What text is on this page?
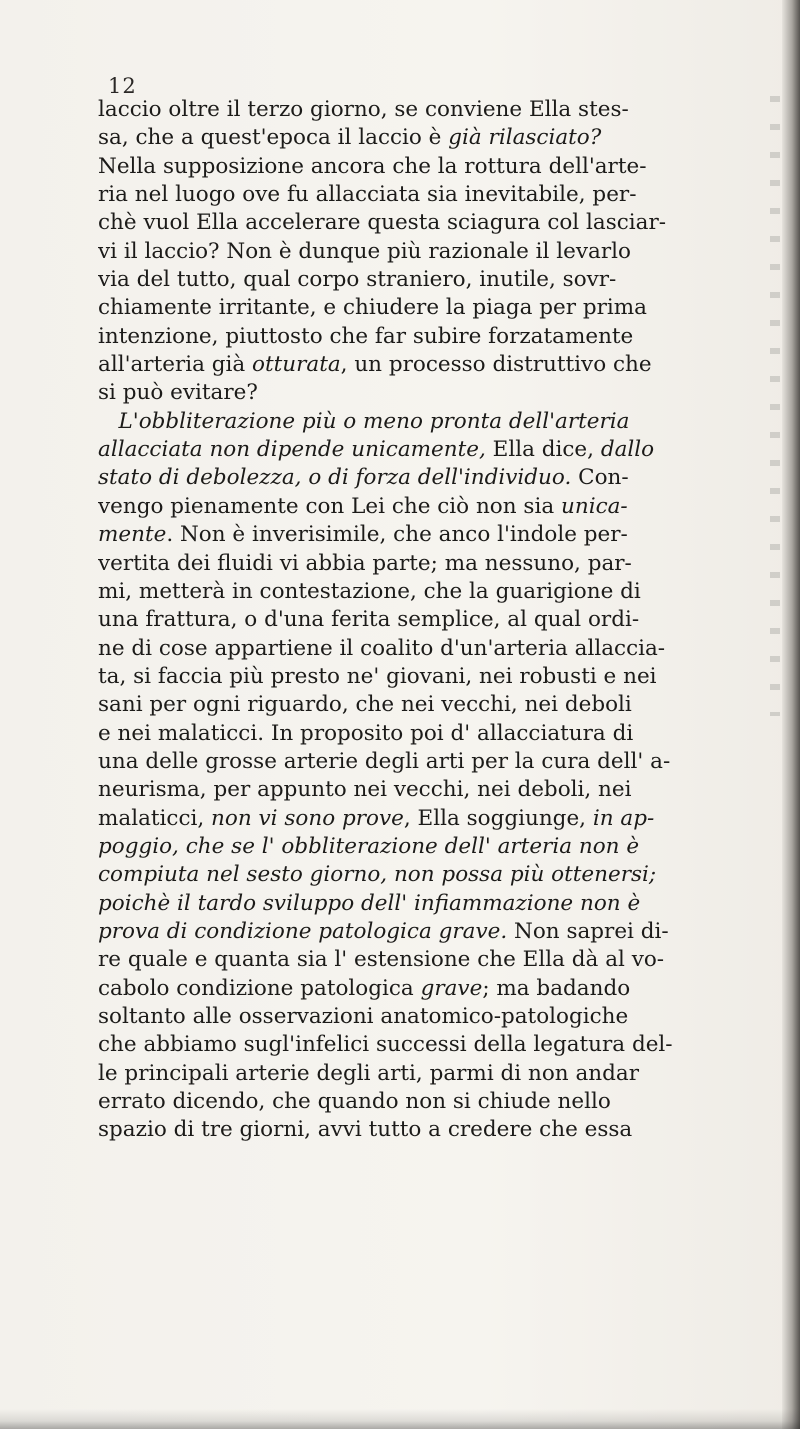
12
laccio oltre il terzo giorno, se conviene Ella stes-
sa, che a quest'epoca il laccio è già rilasciato?
Nella supposizione ancora che la rottura dell'arte-
ria nel luogo ove fu allacciata sia inevitabile, per-
chè vuol Ella accelerare questa sciagura col lasciar-
vi il laccio? Non è dunque più razionale il levarlo
via del tutto, qual corpo straniero, inutile, sovr-
chiamente irritante, e chiudere la piaga per prima
intenzione, piuttosto che far subire forzatamente
all'arteria già otturata, un processo distruttivo che
si può evitare?
L'obbliterazione più o meno pronta dell'arteria
allacciata non dipende unicamente, Ella dice, dallo
stato di debolezza, o di forza dell'individuo. Con-
vengo pienamente con Lei che ciò non sia unica-
mente. Non è inverisimile, che anco l'indole per-
vertita dei fluidi vi abbia parte; ma nessuno, par-
mi, metterà in contestazione, che la guarigione di
una frattura, o d'una ferita semplice, al qual ordi-
ne di cose appartiene il coalito d'un'arteria allaccia-
ta, si faccia più presto ne' giovani, nei robusti e nei
sani per ogni riguardo, che nei vecchi, nei deboli
e nei malaticci. In proposito poi d' allacciatura di
una delle grosse arterie degli arti per la cura dell' a-
neurisma, per appunto nei vecchi, nei deboli, nei
malaticci, non vi sono prove, Ella soggiunge, in ap-
poggio, che se l' obbliterazione dell' arteria non è
compiuta nel sesto giorno, non possa più ottenersi;
poichè il tardo sviluppo dell' infiammazione non è
prova di condizione patologica grave. Non saprei di-
re quale e quanta sia l' estensione che Ella dà al vo-
cabolo condizione patologica grave; ma badando
soltanto alle osservazioni anatomico-patologiche
che abbiamo sugl'infelici successi della legatura del-
le principali arterie degli arti, parmi di non andar
errato dicendo, che quando non si chiude nello
spazio di tre giorni, avvi tutto a credere che essa
